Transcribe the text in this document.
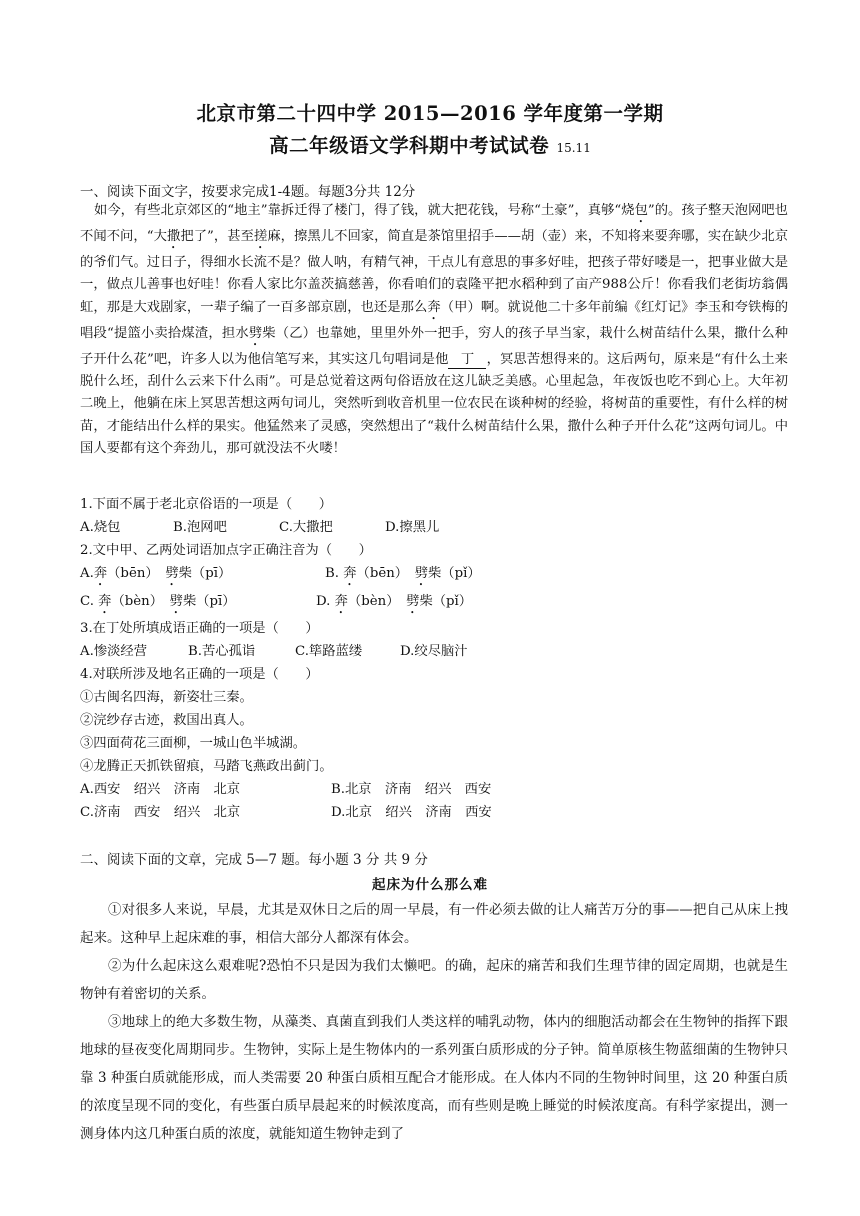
北京市第二十四中学 2015—2016 学年度第一学期
高二年级语文学科期中考试试卷 15.11
一、阅读下面文字，按要求完成1-4题。每题3分共 12分

如今，有些北京郊区的“地主”靠拆迁得了楼门，得了钱，就大把花钱，号称“土豪”，真够“烧包”的。孩子整天泡网吧也不闻不问，“大撒把了”，甚至搓麻，擦黑儿不回家，简直是茶馆里招手——胡（壶）来，不知将来要奔哪，实在缺少北京的爷们气。过日子，得细水长流不是？做人呐，有精气神，干点儿有意思的事多好哇，把孩子带好喽是一，把事业做大是一，做点儿善事也好哇！你看人家比尔盖茨搞慈善，你看咱们的袁隆平把水稻种到了亩产988公斤！你看我们老街坊翁偶虹，那是大戏剧家，一辈子编了一百多部京剧，也还是那么奔（甲）啊。就说他二十多年前编《红灯记》李玉和夸铁梅的唱段“提篮小卖拾煤渣，担水劈柴（乙）也靠她，里里外外一把手，穷人的孩子早当家，栽什么树苗结什么果，撒什么种子开什么花”吧，许多人以为他信笔写来，其实这几句唱词是他 丁 ，冥思苦想得来的。这后两句，原来是“有什么土来脱什么坯，刮什么云来下什么雨”。可是总觉着这两句俗语放在这儿缺乏美感。心里起急，年夜饭也吃不到心上。大年初二晚上，他躺在床上冥思苦想这两句词儿，突然听到收音机里一位农民在谈种树的经验，将树苗的重要性，有什么样的树苗，才能结出什么样的果实。他猛然来了灵感，突然想出了“栽什么树苗结什么果，撒什么种子开什么花”这两句词儿。中国人要都有这个奔劲儿，那可就没法不火喽！

1.下面不属于老北京俗语的一项是（　　）
A.烧包	B.泡网吧	C.大撒把	D.擦黑儿
2.文中甲、乙两处词语加点字正确注音为（　　）
A.奔（bēn）　 劈柴（pī）	B. 奔（bēn）　 劈柴（pǐ）
C. 奔（bèn）　 劈柴（pī）	D. 奔（bèn）　 劈柴（pǐ）
3.在丁处所填成语正确的一项是（　　）
A.惨淡经营	B.苦心孤诣	C.筚路蓝缕	D.绞尽脑汁
4.对联所涉及地名正确的一项是（　　）
①古闽名四海，新姿壮三秦。
②浣纱存古迹，救国出真人。
③四面荷花三面柳，一城山色半城湖。
④龙腾正天抓铁留痕，马踏飞燕政出蓟门。
A.西安　绍兴　济南　北京	B.北京　济南　绍兴　西安
C.济南　西安　绍兴　北京	D.北京　绍兴　济南　西安
二、阅读下面的文章，完成 5—7 题。每小题 3 分 共 9 分
起床为什么那么难

①对很多人来说，早晨，尤其是双休日之后的周一早晨，有一件必须去做的让人痛苦万分的事——把自己从床上拽起来。这种早上起床难的事，相信大部分人都深有体会。

②为什么起床这么艰难呢?恐怕不只是因为我们太懒吧。的确，起床的痛苦和我们生理节律的固定周期，也就是生物钟有着密切的关系。

③地球上的绝大多数生物，从藻类、真菌直到我们人类这样的哺乳动物，体内的细胞活动都会在生物钟的指挥下跟地球的昼夜变化周期同步。生物钟，实际上是生物体内的一系列蛋白质形成的分子钟。简单原核生物蓝细菌的生物钟只靠 3 种蛋白质就能形成，而人类需要 20 种蛋白质相互配合才能形成。在人体内不同的生物钟时间里，这 20 种蛋白质的浓度呈现不同的变化，有些蛋白质早晨起来的时候浓度高，而有些则是晚上睡觉的时候浓度高。有科学家提出，测一测身体内这几种蛋白质的浓度，就能知道生物钟走到了
